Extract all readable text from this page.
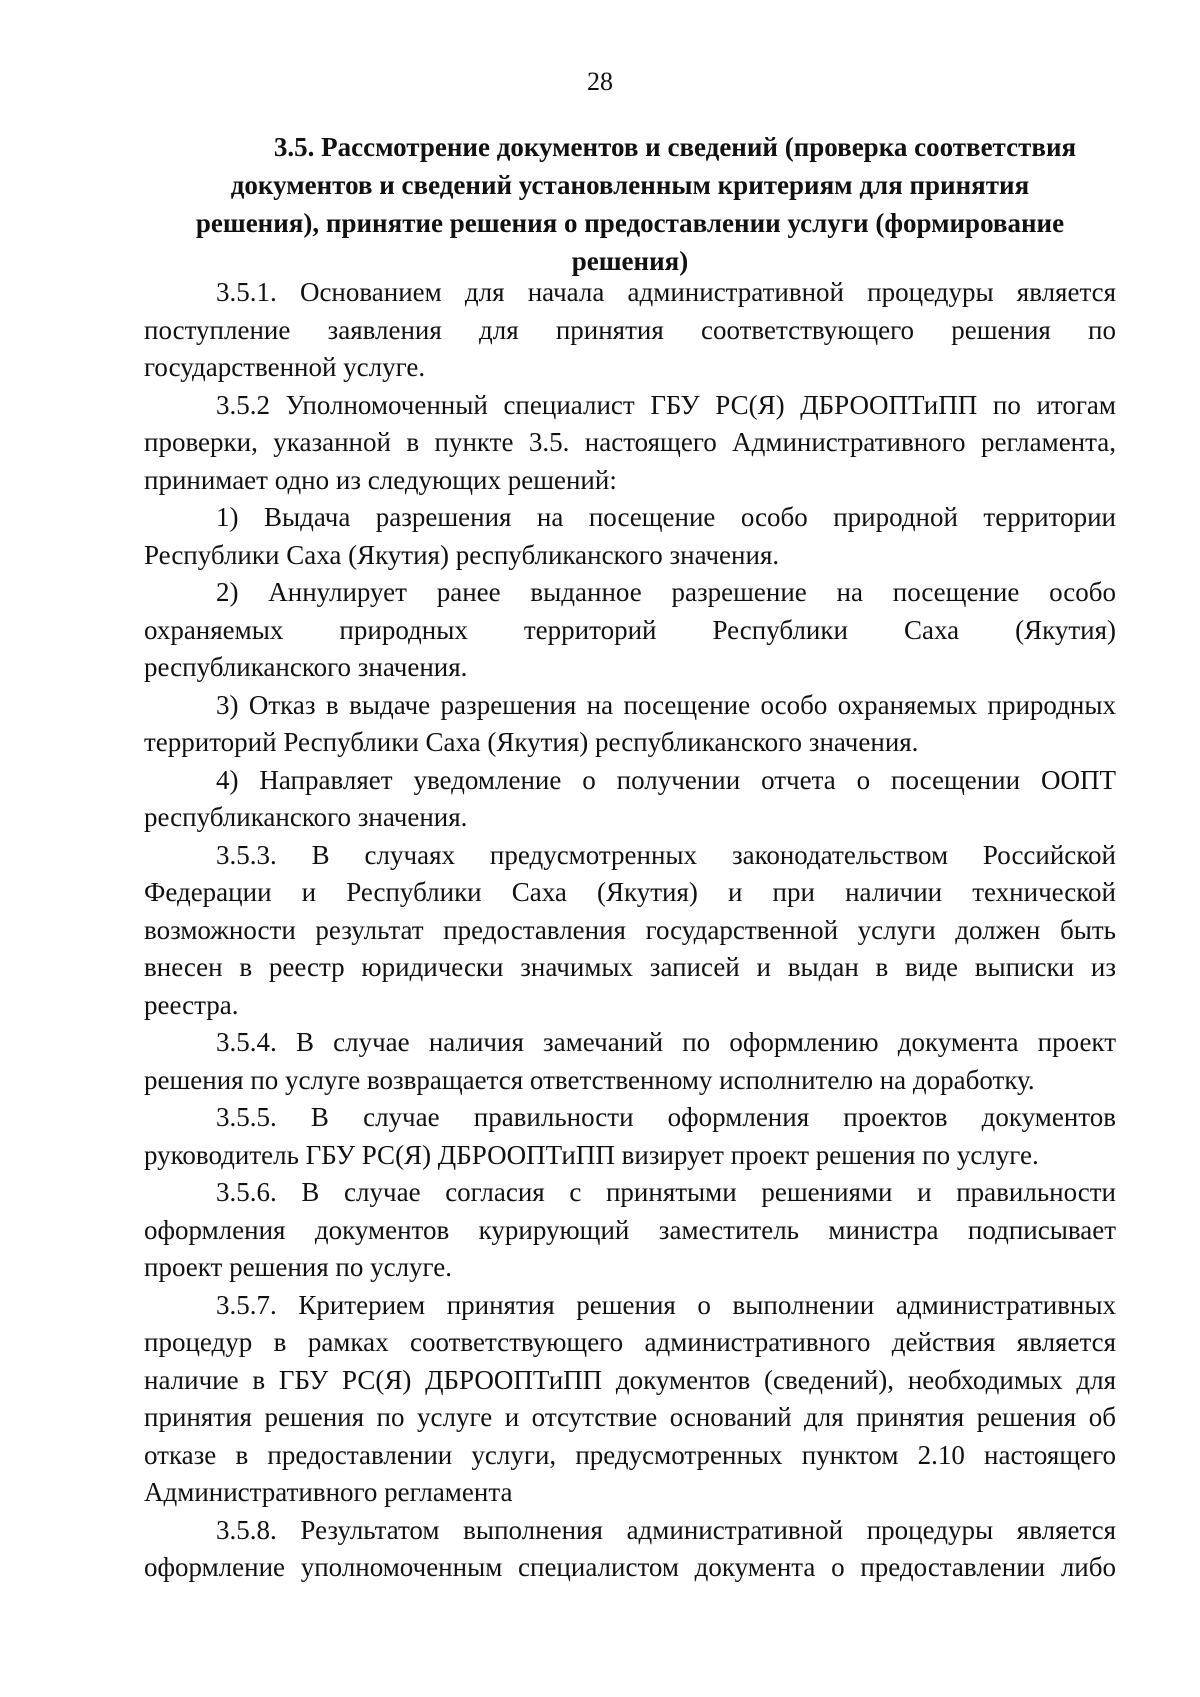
28
3.5. Рассмотрение документов и сведений (проверка соответствия
документов и сведений установленным критериям для принятия
решения), принятие решения о предоставлении услуги (формирование
решения)

3.5.1. Основанием для начала административной процедуры является
поступление заявления для принятия соответствующего решения по
государственной услуге.

3.5.2 Уполномоченный специалист ГБУ РС(Я) ДБРООПТиПП по итогам
проверки, указанной в пункте 3.5. настоящего Административного регламента,
принимает одно из следующих решений:

1) Выдача разрешения на посещение особо природной территории
Республики Саха (Якутия) республиканского значения.

2) Аннулирует ранее выданное разрешение на посещение особо
охраняемых природных территорий Республики Саха (Якутия)
республиканского значения.

3) Отказ в выдаче разрешения на посещение особо охраняемых природных
территорий Республики Саха (Якутия) республиканского значения.

4) Направляет уведомление о получении отчета о посещении ООПТ
республиканского значения.

3.5.3. В случаях предусмотренных законодательством Российской
Федерации и Республики Саха (Якутия) и при наличии технической
возможности результат предоставления государственной услуги должен быть
внесен в реестр юридически значимых записей и выдан в виде выписки из
реестра.

3.5.4. В случае наличия замечаний по оформлению документа проект
решения по услуге возвращается ответственному исполнителю на доработку.

3.5.5. В случае правильности оформления проектов документов
руководитель ГБУ РС(Я) ДБРООПТиПП визирует проект решения по услуге.

3.5.6. В случае согласия с принятыми решениями и правильности
оформления документов курирующий заместитель министра подписывает
проект решения по услуге.

3.5.7. Критерием принятия решения о выполнении административных
процедур в рамках соответствующего административного действия является
наличие в ГБУ РС(Я) ДБРООПТиПП документов (сведений), необходимых для
принятия решения по услуге и отсутствие оснований для принятия решения об
отказе в предоставлении услуги, предусмотренных пунктом 2.10 настоящего
Административного регламента

3.5.8. Результатом выполнения административной процедуры является
оформление уполномоченным специалистом документа о предоставлении либо
